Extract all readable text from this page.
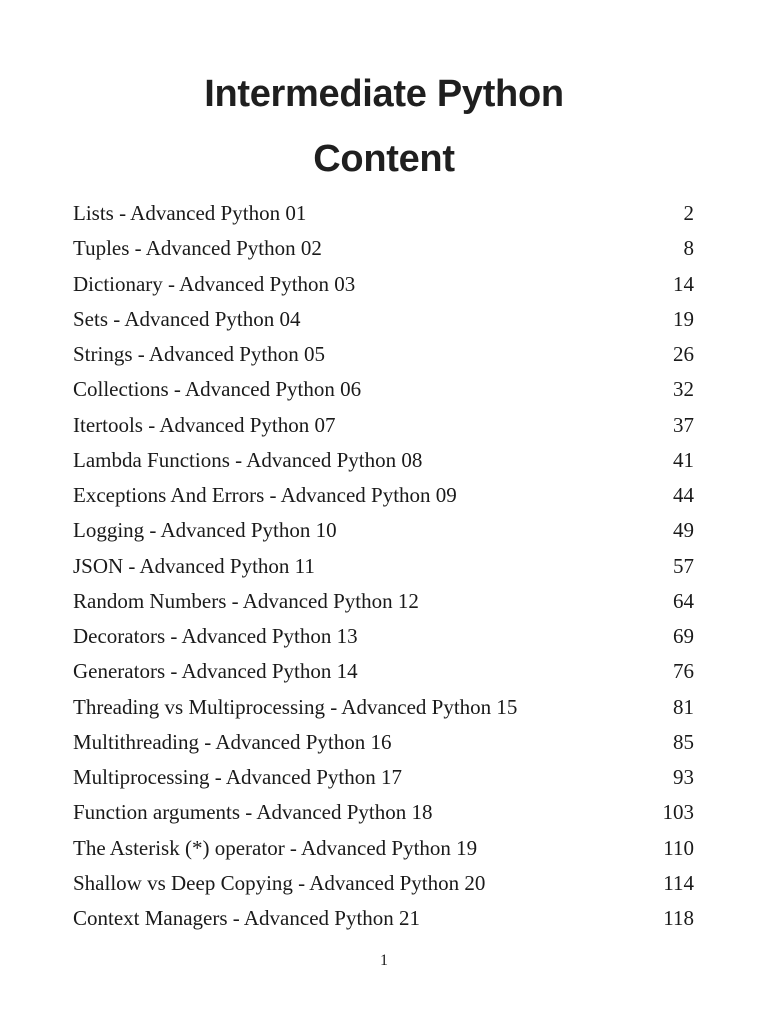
Intermediate Python
Content
Lists - Advanced Python 01	2
Tuples - Advanced Python 02	8
Dictionary - Advanced Python 03	14
Sets - Advanced Python 04	19
Strings - Advanced Python 05	26
Collections - Advanced Python 06	32
Itertools - Advanced Python 07	37
Lambda Functions - Advanced Python 08	41
Exceptions And Errors - Advanced Python 09	44
Logging - Advanced Python 10	49
JSON - Advanced Python 11	57
Random Numbers - Advanced Python 12	64
Decorators - Advanced Python 13	69
Generators - Advanced Python 14	76
Threading vs Multiprocessing - Advanced Python 15	81
Multithreading - Advanced Python 16	85
Multiprocessing - Advanced Python 17	93
Function arguments - Advanced Python 18	103
The Asterisk (*) operator - Advanced Python 19	110
Shallow vs Deep Copying - Advanced Python 20	114
Context Managers - Advanced Python 21	118
1
